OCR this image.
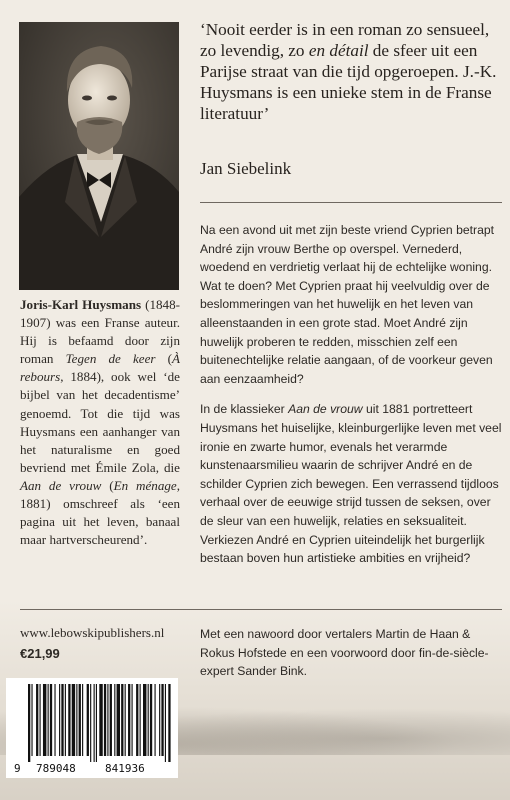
‘Nooit eerder is in een roman zo sensueel, zo levendig, zo en détail de sfeer uit een Parijse straat van die tijd opgeroepen. J.-K. Huysmans is een unieke stem in de Franse literatuur’

Jan Siebelink

Na een avond uit met zijn beste vriend Cyprien betrapt André zijn vrouw Berthe op overspel. Vernederd, woedend en verdrietig verlaat hij de echtelijke woning. Wat te doen? Met Cyprien praat hij veelvuldig over de beslommeringen van het huwelijk en het leven van alleenstaanden in een grote stad. Moet André zijn huwelijk proberen te redden, misschien zelf een buitenechtelijke relatie aangaan, of de voorkeur geven aan eenzaamheid?

In de klassieker Aan de vrouw uit 1881 portretteert Huysmans het huiselijke, kleinburgerlijke leven met veel ironie en zwarte humor, evenals het verarmde kunstenaarsmilieu waarin de schrijver André en de schilder Cyprien zich bewegen. Een verrassend tijdloos verhaal over de eeuwige strijd tussen de seksen, over de sleur van een huwelijk, relaties en seksualiteit. Verkiezen André en Cyprien uiteindelijk het burgerlijk bestaan boven hun artistieke ambities en vrijheid?

Joris-Karl Huysmans (1848-1907) was een Franse auteur. Hij is befaamd door zijn roman Tegen de keer (À rebours, 1884), ook wel ‘de bijbel van het decadentisme’ genoemd. Tot die tijd was Huysmans een aanhanger van het naturalisme en goed bevriend met Émile Zola, die Aan de vrouw (En ménage, 1881) omschreef als ‘een pagina uit het leven, banaal maar hartverscheurend’.

www.lebowskipublishers.nl

€21,99

Met een nawoord door vertalers Martin de Haan & Rokus Hofstede en een voorwoord door fin-de-siècle-expert Sander Bink.

9 789048	841936
